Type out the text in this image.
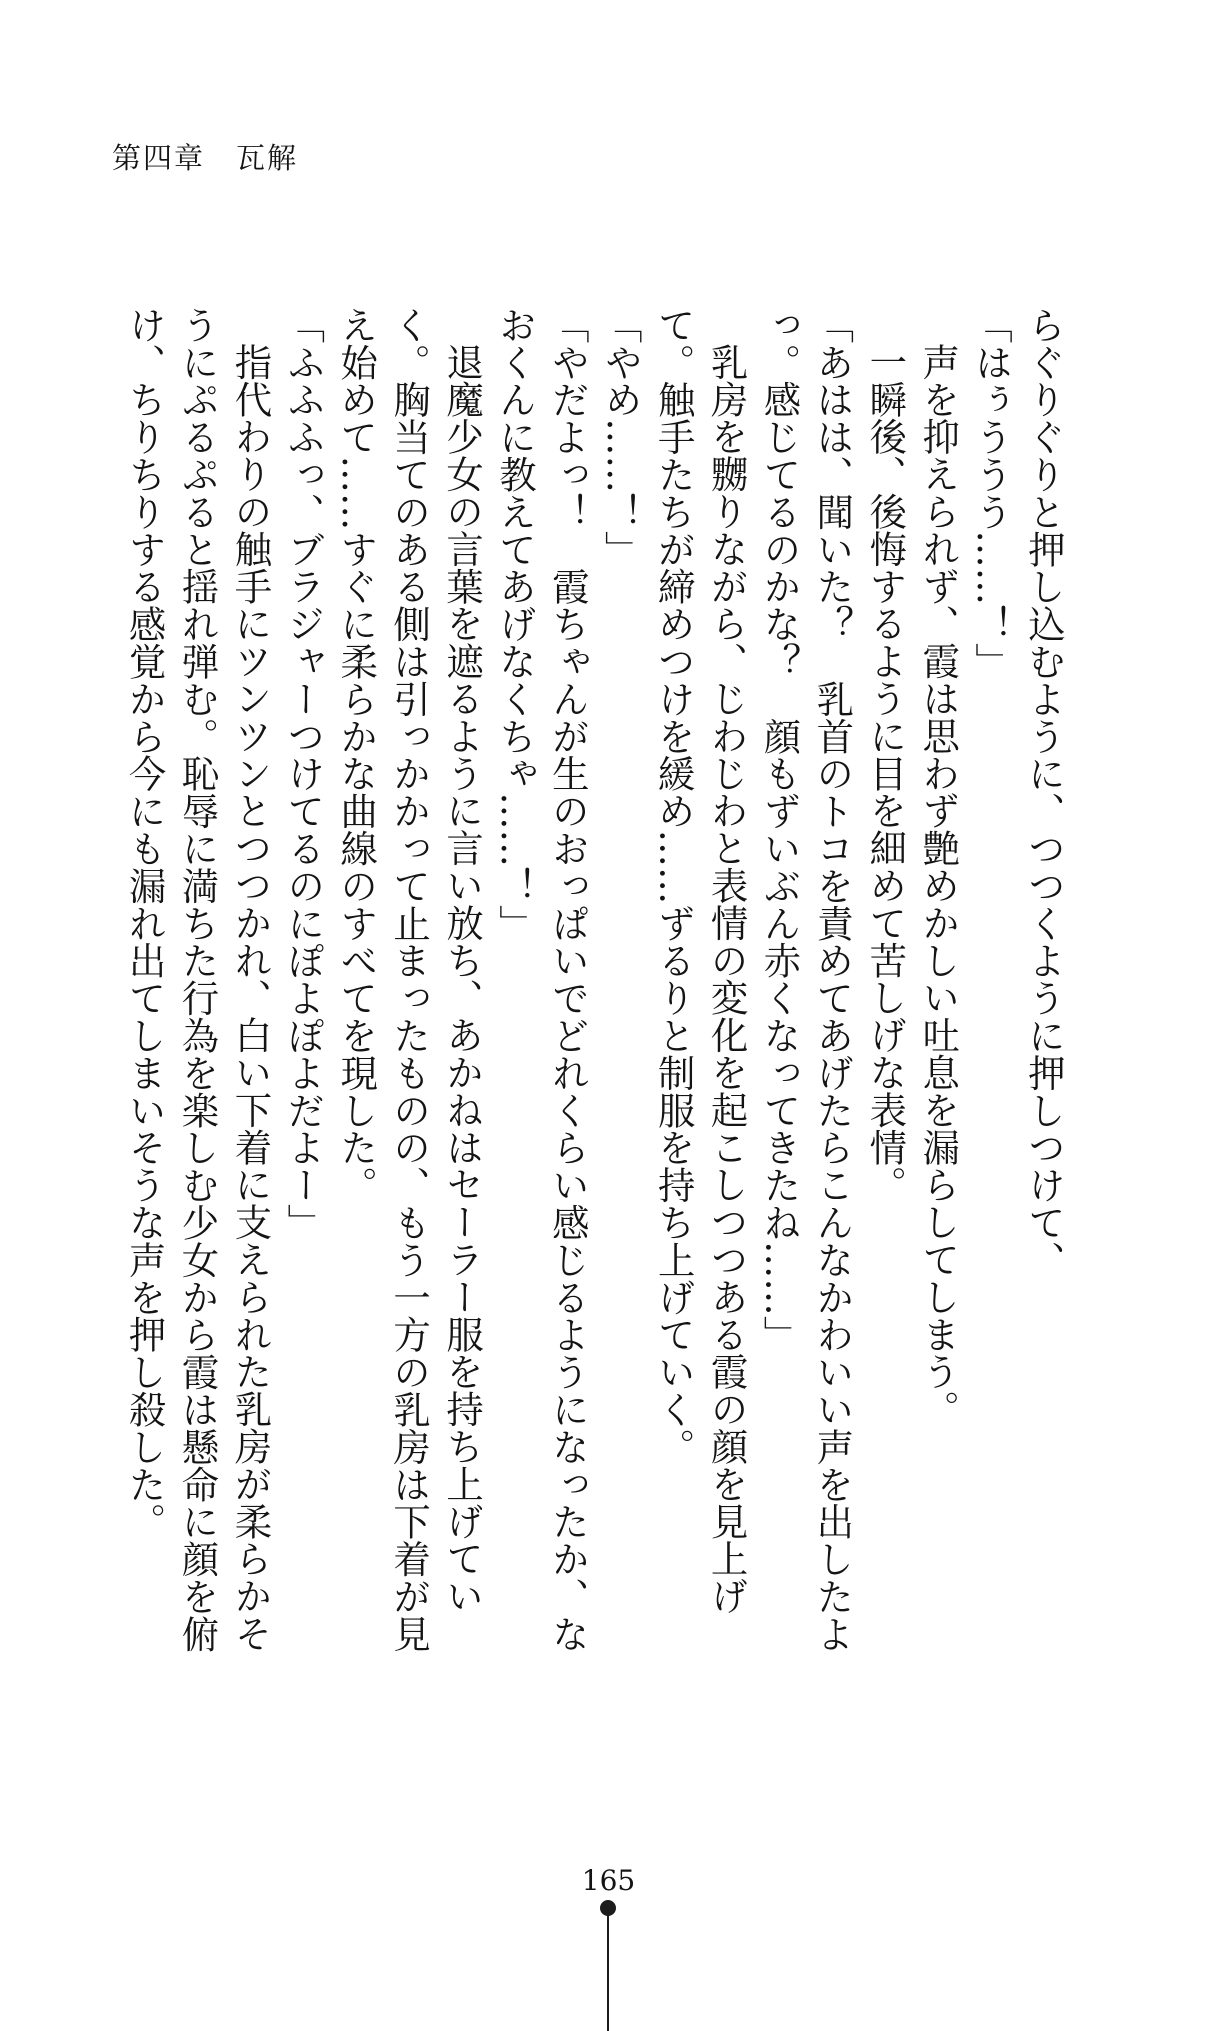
第四章　瓦解

らぐりぐりと押し込むように、つつくように押しつけて、

「はぅううう……！」

声を抑えられず、霞は思わず艶めかしい吐息を漏らしてしまう。

一瞬後、後悔するように目を細めて苦しげな表情。

「あはは、聞いた？　乳首のトコを責めてあげたらこんなかわいい声を出したよっ。感じてるのかな？　顔もずいぶん赤くなってきたね……」

乳房を嬲りながら、じわじわと表情の変化を起こしつつある霞の顔を見上げて。触手たちが締めつけを緩め……ずるりと制服を持ち上げていく。

「やめ……！」

「やだよっ！　霞ちゃんが生のおっぱいでどれくらい感じるようになったか、なおくんに教えてあげなくちゃ……！」

退魔少女の言葉を遮るように言い放ち、あかねはセーラー服を持ち上げていく。胸当てのある側は引っかかって止まったものの、もう一方の乳房は下着が見え始めて……すぐに柔らかな曲線のすべてを現した。

「ふふふっ、ブラジャーつけてるのにぽよぽよだよー」

指代わりの触手にツンツンとつつかれ、白い下着に支えられた乳房が柔らかそうにぷるぷると揺れ弾む。恥辱に満ちた行為を楽しむ少女から霞は懸命に顔を俯け、ちりちりする感覚から今にも漏れ出てしまいそうな声を押し殺した。

165
